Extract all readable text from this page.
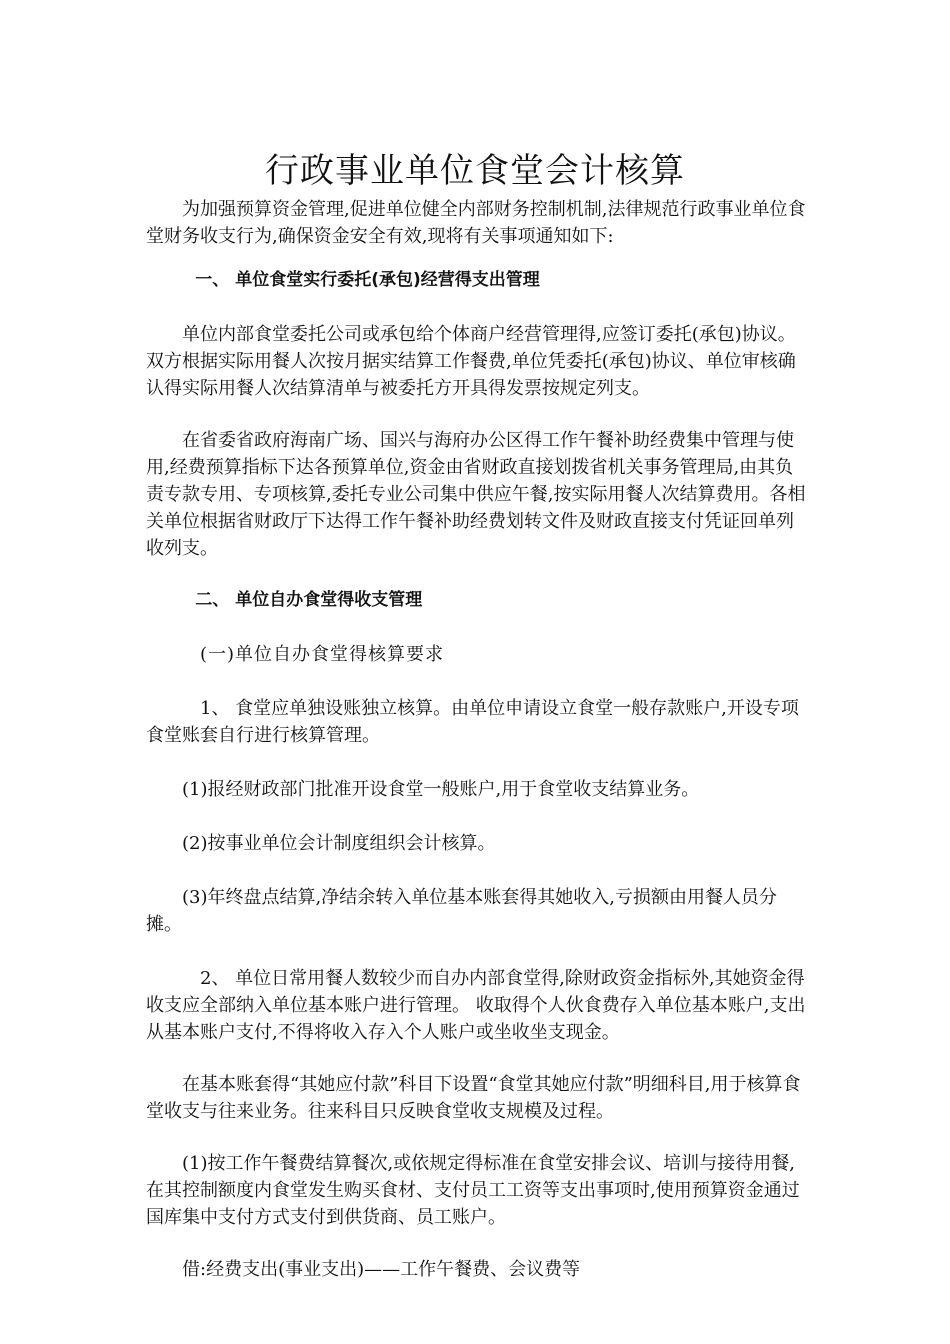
行政事业单位食堂会计核算

为加强预算资金管理,促进单位健全内部财务控制机制,法律规范行政事业单位食堂财务收支行为,确保资金安全有效,现将有关事项通知如下:

一、 单位食堂实行委托(承包)经营得支出管理

单位内部食堂委托公司或承包给个体商户经营管理得,应签订委托(承包)协议。双方根据实际用餐人次按月据实结算工作餐费,单位凭委托(承包)协议、单位审核确认得实际用餐人次结算清单与被委托方开具得发票按规定列支。

在省委省政府海南广场、国兴与海府办公区得工作午餐补助经费集中管理与使用,经费预算指标下达各预算单位,资金由省财政直接划拨省机关事务管理局,由其负责专款专用、专项核算,委托专业公司集中供应午餐,按实际用餐人次结算费用。各相关单位根据省财政厅下达得工作午餐补助经费划转文件及财政直接支付凭证回单列收列支。

二、 单位自办食堂得收支管理

(一)单位自办食堂得核算要求

1、 食堂应单独设账独立核算。由单位申请设立食堂一般存款账户,开设专项食堂账套自行进行核算管理。

(1)报经财政部门批准开设食堂一般账户,用于食堂收支结算业务。

(2)按事业单位会计制度组织会计核算。

(3)年终盘点结算,净结余转入单位基本账套得其她收入,亏损额由用餐人员分摊。

2、 单位日常用餐人数较少而自办内部食堂得,除财政资金指标外,其她资金得收支应全部纳入单位基本账户进行管理。 收取得个人伙食费存入单位基本账户,支出从基本账户支付,不得将收入存入个人账户或坐收坐支现金。

在基本账套得“其她应付款”科目下设置“食堂其她应付款”明细科目,用于核算食堂收支与往来业务。往来科目只反映食堂收支规模及过程。

(1)按工作午餐费结算餐次,或依规定得标准在食堂安排会议、培训与接待用餐,在其控制额度内食堂发生购买食材、支付员工工资等支出事项时,使用预算资金通过国库集中支付方式支付到供货商、员工账户。

借:经费支出(事业支出)——工作午餐费、会议费等
